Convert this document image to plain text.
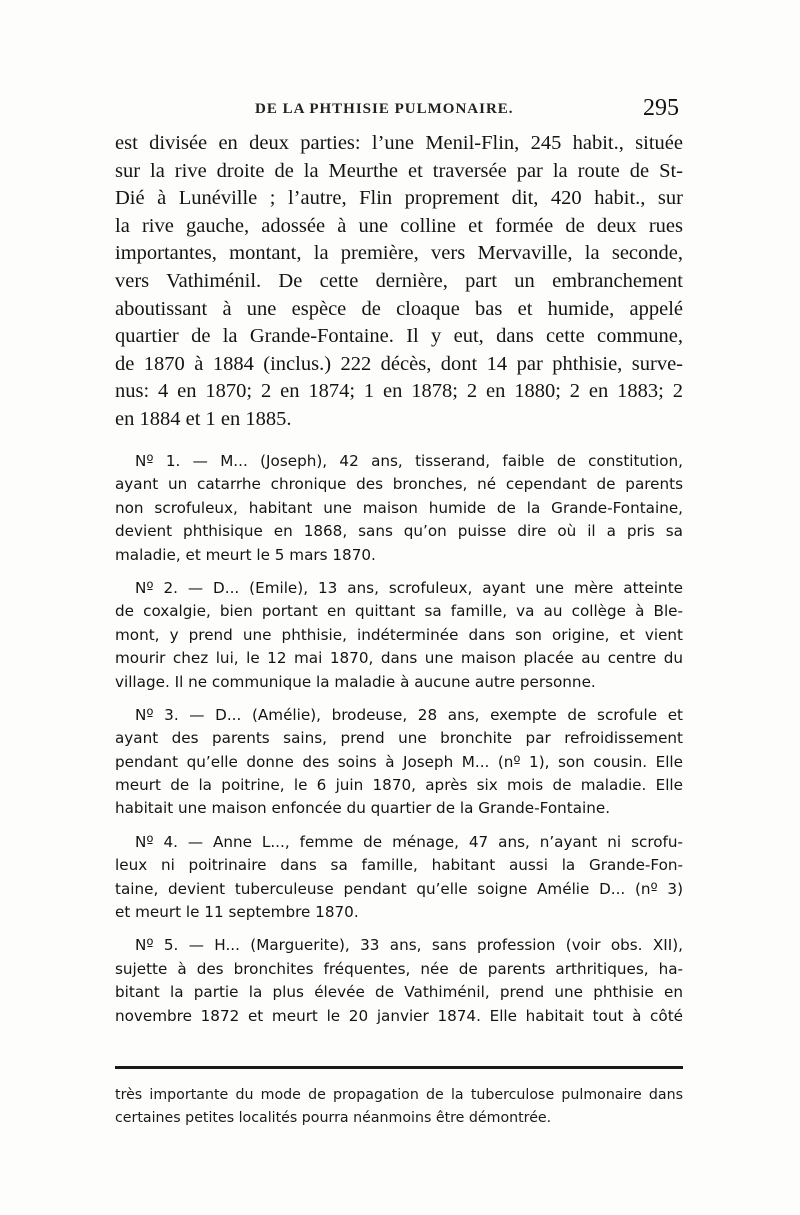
DE LA PHTHISIE PULMONAIRE.	295
est divisée en deux parties: l’une Menil-Flin, 245 habit., située
sur la rive droite de la Meurthe et traversée par la route de St-
Dié à Lunéville ; l’autre, Flin proprement dit, 420 habit., sur
la rive gauche, adossée à une colline et formée de deux rues
importantes, montant, la première, vers Mervaville, la seconde,
vers Vathiménil. De cette dernière, part un embranchement
aboutissant à une espèce de cloaque bas et humide, appelé
quartier de la Grande-Fontaine. Il y eut, dans cette commune,
de 1870 à 1884 (inclus.) 222 décès, dont 14 par phthisie, surve-
nus: 4 en 1870; 2 en 1874; 1 en 1878; 2 en 1880; 2 en 1883; 2
en 1884 et 1 en 1885.
Nº 1. — M... (Joseph), 42 ans, tisserand, faible de constitution,
ayant un catarrhe chronique des bronches, né cependant de parents
non scrofuleux, habitant une maison humide de la Grande-Fontaine,
devient phthisique en 1868, sans qu’on puisse dire où il a pris sa
maladie, et meurt le 5 mars 1870.
Nº 2. — D... (Emile), 13 ans, scrofuleux, ayant une mère atteinte
de coxalgie, bien portant en quittant sa famille, va au collège à Ble-
mont, y prend une phthisie, indéterminée dans son origine, et vient
mourir chez lui, le 12 mai 1870, dans une maison placée au centre du
village. Il ne communique la maladie à aucune autre personne.
Nº 3. — D... (Amélie), brodeuse, 28 ans, exempte de scrofule et
ayant des parents sains, prend une bronchite par refroidissement
pendant qu’elle donne des soins à Joseph M... (nº 1), son cousin. Elle
meurt de la poitrine, le 6 juin 1870, après six mois de maladie. Elle
habitait une maison enfoncée du quartier de la Grande-Fontaine.
Nº 4. — Anne L..., femme de ménage, 47 ans, n’ayant ni scrofu-
leux ni poitrinaire dans sa famille, habitant aussi la Grande-Fon-
taine, devient tuberculeuse pendant qu’elle soigne Amélie D... (nº 3)
et meurt le 11 septembre 1870.
Nº 5. — H... (Marguerite), 33 ans, sans profession (voir obs. XII),
sujette à des bronchites fréquentes, née de parents arthritiques, ha-
bitant la partie la plus élevée de Vathiménil, prend une phthisie en
novembre 1872 et meurt le 20 janvier 1874. Elle habitait tout à côté
très importante du mode de propagation de la tuberculose pulmonaire dans
certaines petites localités pourra néanmoins être démontrée.
